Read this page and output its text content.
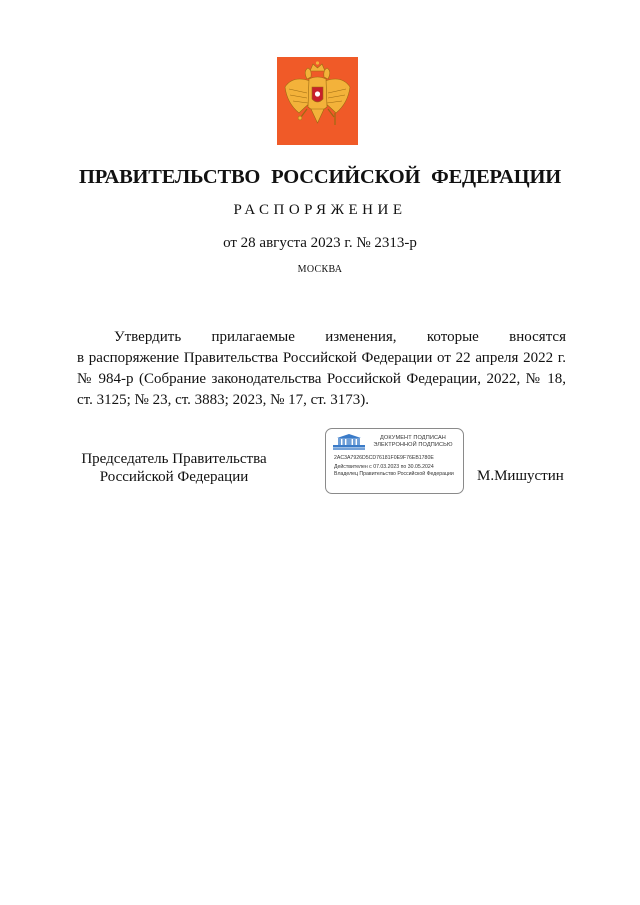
ПРАВИТЕЛЬСТВО РОССИЙСКОЙ ФЕДЕРАЦИИ
РАСПОРЯЖЕНИЕ
от 28 августа 2023 г. № 2313-р
МОСКВА
Утвердить прилагаемые изменения, которые вносятся
в распоряжение Правительства Российской Федерации от 22 апреля 2022 г.
№ 984-р (Собрание законодательства Российской Федерации, 2022, № 18,
ст. 3125; № 23, ст. 3883; 2023, № 17, ст. 3173).
Председатель Правительства
Российской Федерации
ДОКУМЕНТ ПОДПИСАН
ЭЛЕКТРОННОЙ ПОДПИСЬЮ
2AC3A7926D5CD76181F0E9F76EB1780E
Действителен с 07.03.2023 по 30.05.2024
Владелец Правительство Российской Федерации	М.Мишустин
